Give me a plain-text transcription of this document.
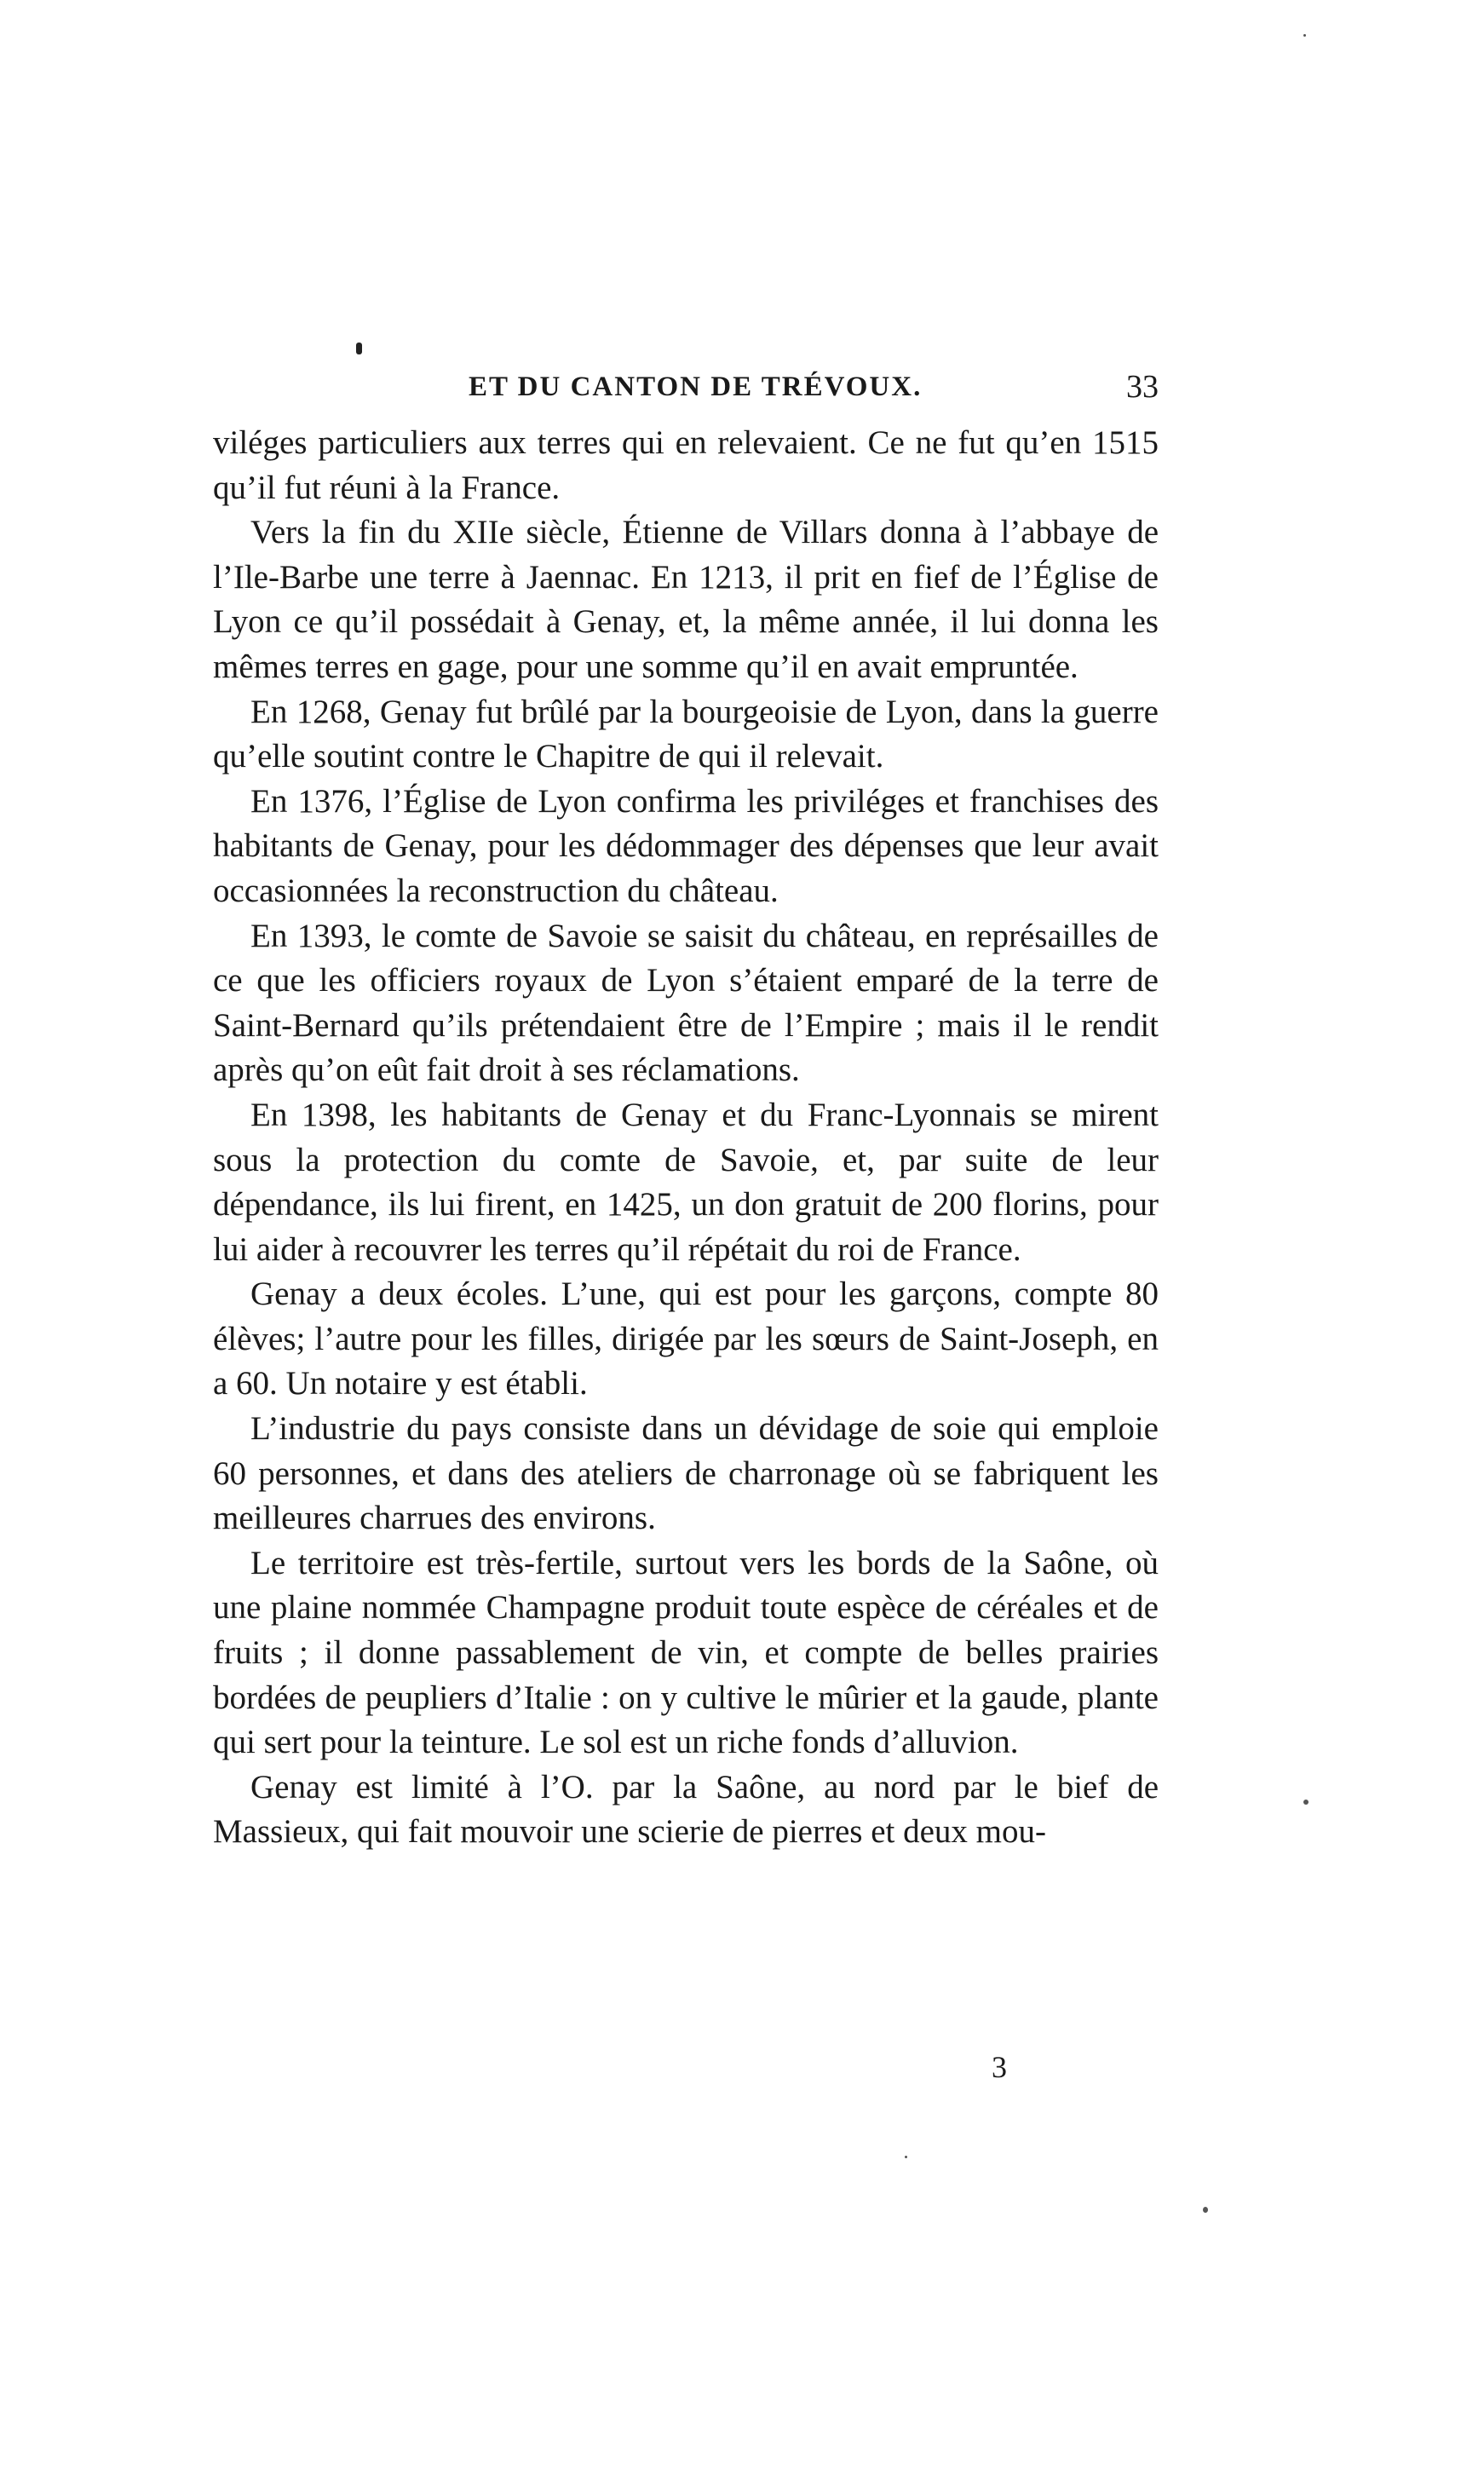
ET DU CANTON DE TRÉVOUX.	33

viléges particuliers aux terres qui en relevaient. Ce ne fut qu’en 1515 qu’il fut réuni à la France.

Vers la fin du XIIe siècle, Étienne de Villars donna à l’abbaye de l’Ile-Barbe une terre à Jaennac. En 1213, il prit en fief de l’Église de Lyon ce qu’il possédait à Genay, et, la même année, il lui donna les mêmes terres en gage, pour une somme qu’il en avait empruntée.

En 1268, Genay fut brûlé par la bourgeoisie de Lyon, dans la guerre qu’elle soutint contre le Chapitre de qui il relevait.

En 1376, l’Église de Lyon confirma les priviléges et franchises des habitants de Genay, pour les dédommager des dépenses que leur avait occasionnées la reconstruction du château.

En 1393, le comte de Savoie se saisit du château, en représailles de ce que les officiers royaux de Lyon s’étaient emparé de la terre de Saint-Bernard qu’ils prétendaient être de l’Empire ; mais il le rendit après qu’on eût fait droit à ses réclamations.

En 1398, les habitants de Genay et du Franc-Lyonnais se mirent sous la protection du comte de Savoie, et, par suite de leur dépendance, ils lui firent, en 1425, un don gratuit de 200 florins, pour lui aider à recouvrer les terres qu’il répétait du roi de France.

Genay a deux écoles. L’une, qui est pour les garçons, compte 80 élèves; l’autre pour les filles, dirigée par les sœurs de Saint-Joseph, en a 60. Un notaire y est établi.

L’industrie du pays consiste dans un dévidage de soie qui emploie 60 personnes, et dans des ateliers de charronage où se fabriquent les meilleures charrues des environs.

Le territoire est très-fertile, surtout vers les bords de la Saône, où une plaine nommée Champagne produit toute espèce de céréales et de fruits ; il donne passablement de vin, et compte de belles prairies bordées de peupliers d’Italie : on y cultive le mûrier et la gaude, plante qui sert pour la teinture. Le sol est un riche fonds d’alluvion.

Genay est limité à l’O. par la Saône, au nord par le bief de Massieux, qui fait mouvoir une scierie de pierres et deux mou-

3
